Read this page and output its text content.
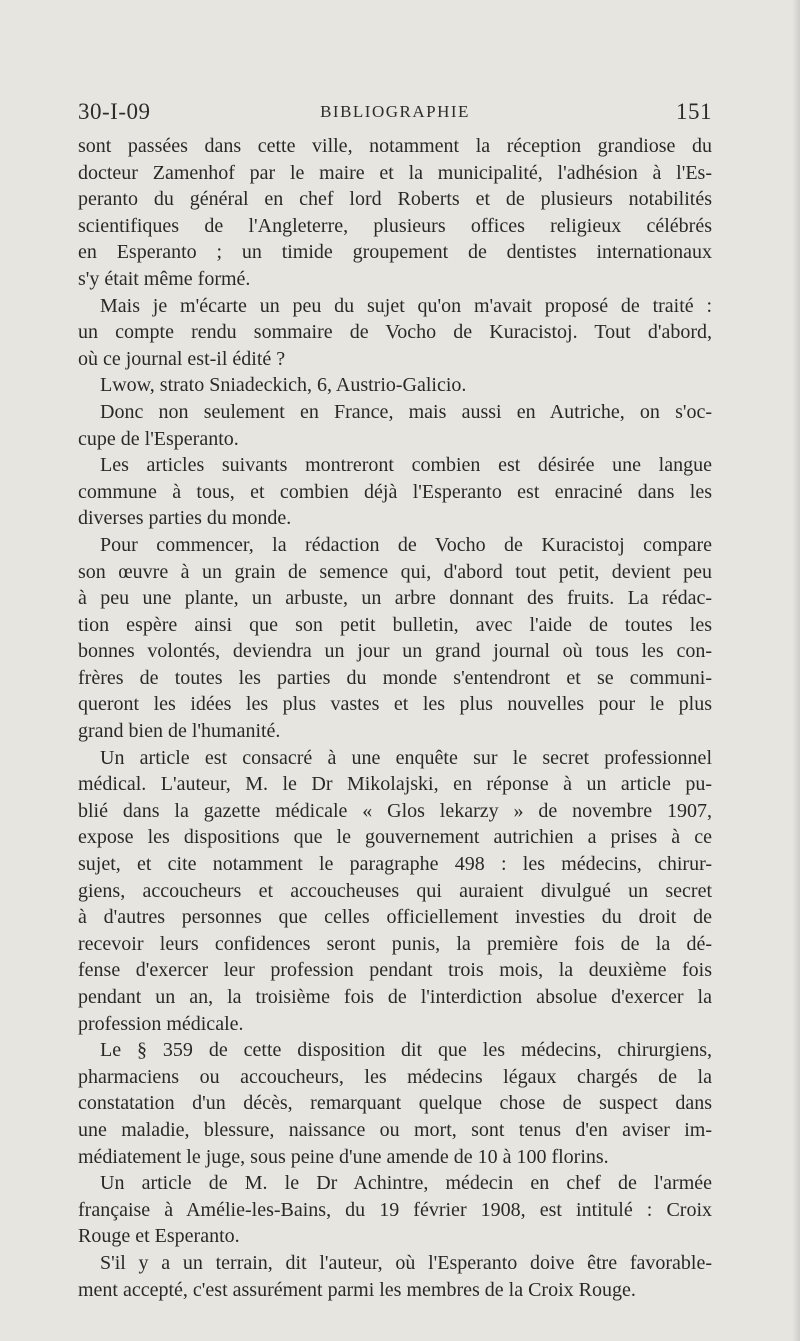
30-I-09	BIBLIOGRAPHIE	151
sont passées dans cette ville, notamment la réception grandiose du
docteur Zamenhof par le maire et la municipalité, l'adhésion à l'Es-
peranto du général en chef lord Roberts et de plusieurs notabilités
scientifiques de l'Angleterre, plusieurs offices religieux célébrés
en Esperanto ; un timide groupement de dentistes internationaux
s'y était même formé.
Mais je m'écarte un peu du sujet qu'on m'avait proposé de traité :
un compte rendu sommaire de Vocho de Kuracistoj. Tout d'abord,
où ce journal est-il édité ?
Lwow, strato Sniadeckich, 6, Austrio-Galicio.
Donc non seulement en France, mais aussi en Autriche, on s'oc-
cupe de l'Esperanto.
Les articles suivants montreront combien est désirée une langue
commune à tous, et combien déjà l'Esperanto est enraciné dans les
diverses parties du monde.
Pour commencer, la rédaction de Vocho de Kuracistoj compare
son œuvre à un grain de semence qui, d'abord tout petit, devient peu
à peu une plante, un arbuste, un arbre donnant des fruits. La rédac-
tion espère ainsi que son petit bulletin, avec l'aide de toutes les
bonnes volontés, deviendra un jour un grand journal où tous les con-
frères de toutes les parties du monde s'entendront et se communi-
queront les idées les plus vastes et les plus nouvelles pour le plus
grand bien de l'humanité.
Un article est consacré à une enquête sur le secret professionnel
médical. L'auteur, M. le Dr Mikolajski, en réponse à un article pu-
blié dans la gazette médicale « Glos lekarzy » de novembre 1907,
expose les dispositions que le gouvernement autrichien a prises à ce
sujet, et cite notamment le paragraphe 498 : les médecins, chirur-
giens, accoucheurs et accoucheuses qui auraient divulgué un secret
à d'autres personnes que celles officiellement investies du droit de
recevoir leurs confidences seront punis, la première fois de la dé-
fense d'exercer leur profession pendant trois mois, la deuxième fois
pendant un an, la troisième fois de l'interdiction absolue d'exercer la
profession médicale.
Le § 359 de cette disposition dit que les médecins, chirurgiens,
pharmaciens ou accoucheurs, les médecins légaux chargés de la
constatation d'un décès, remarquant quelque chose de suspect dans
une maladie, blessure, naissance ou mort, sont tenus d'en aviser im-
médiatement le juge, sous peine d'une amende de 10 à 100 florins.
Un article de M. le Dr Achintre, médecin en chef de l'armée
française à Amélie-les-Bains, du 19 février 1908, est intitulé : Croix
Rouge et Esperanto.
S'il y a un terrain, dit l'auteur, où l'Esperanto doive être favorable-
ment accepté, c'est assurément parmi les membres de la Croix Rouge.
